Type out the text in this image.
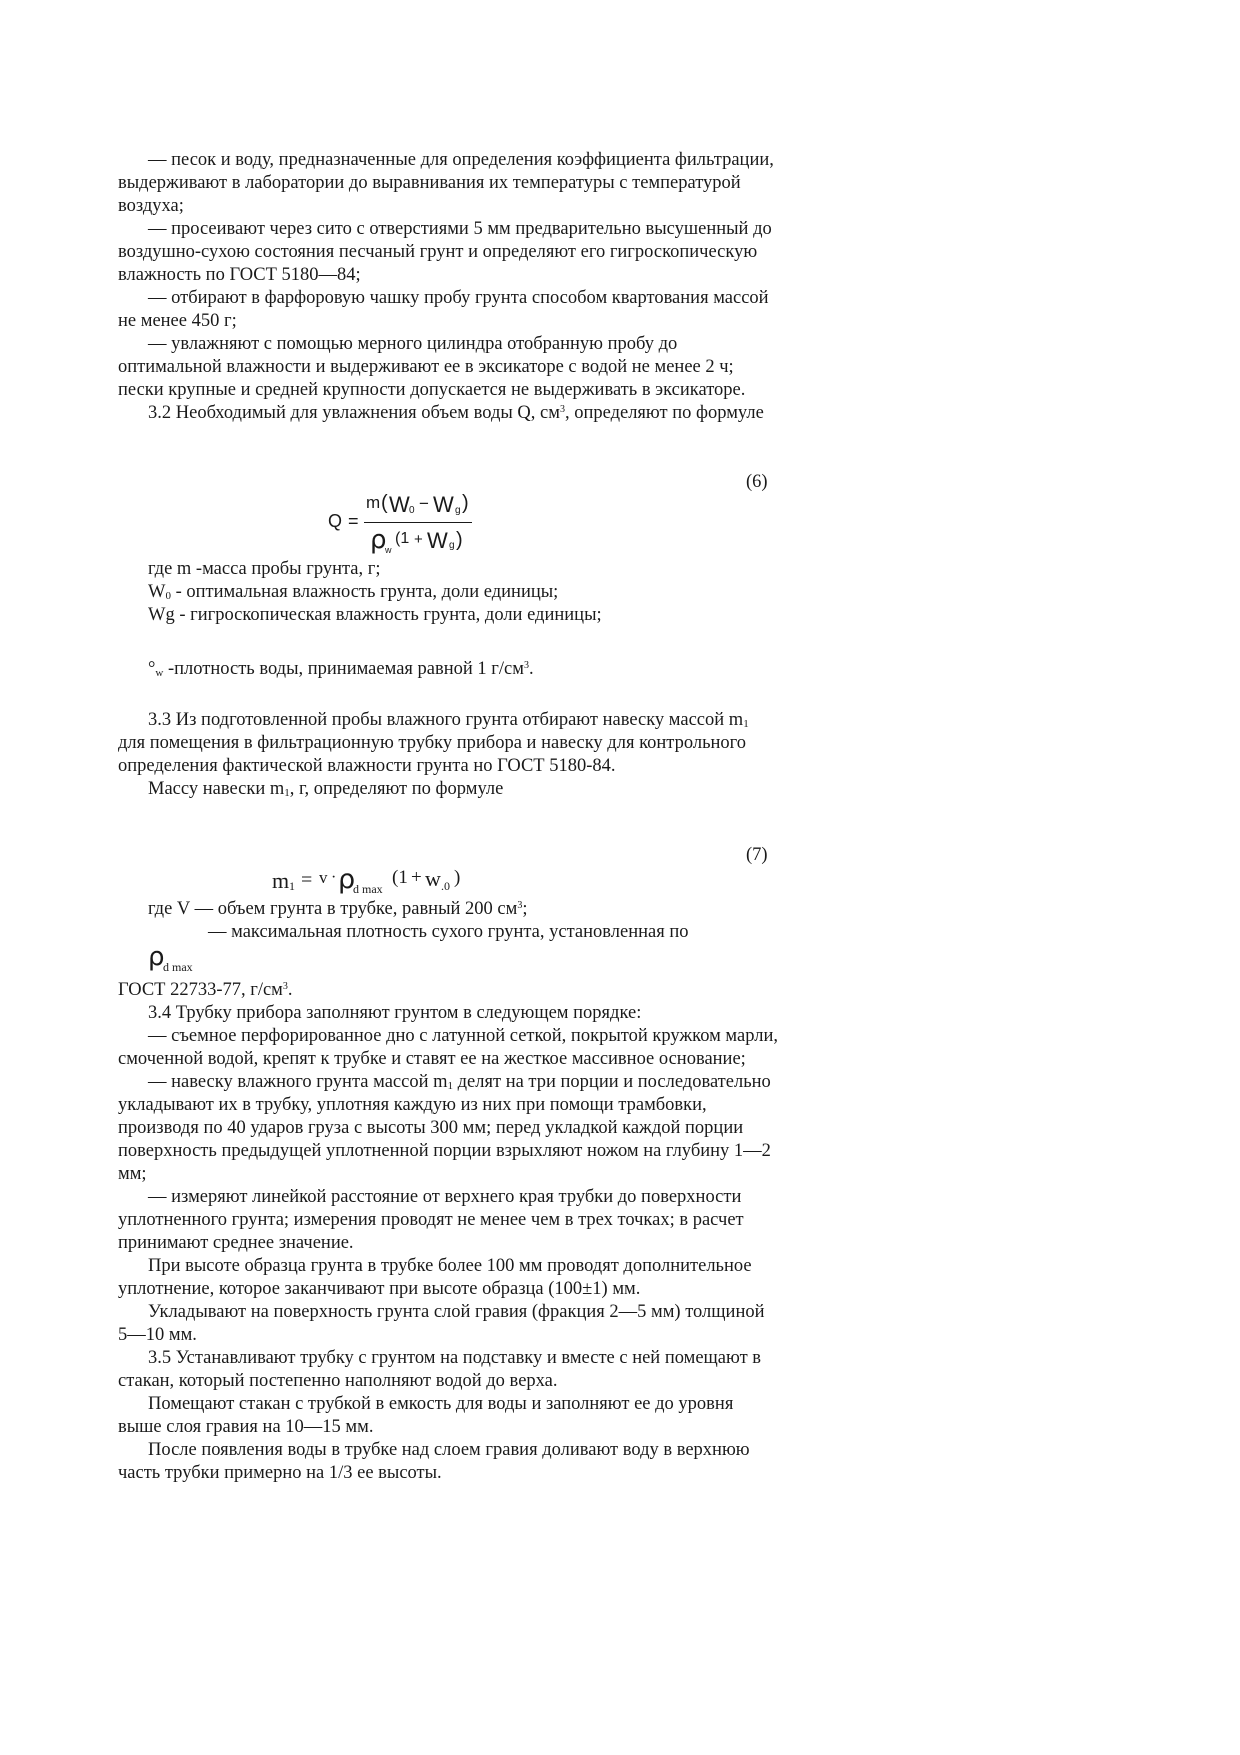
— песок и воду, предназначенные для определения коэффициента фильтрации, выдерживают в лаборатории до выравнивания их температуры с температурой воздуха;

— просеивают через сито с отверстиями 5 мм предварительно высушенный до воздушно-сухою состояния песчаный грунт и определяют его гигроскопическую влажность по ГОСТ 5180—84;

— отбирают в фарфоровую чашку пробу грунта способом квартования массой не менее 450 г;

— увлажняют с помощью мерного цилиндра отобранную пробу до оптимальной влажности и выдерживают ее в эксикаторе с водой не менее 2 ч; пески крупные и средней крупности допускается не выдерживать в эксикаторе.

3.2 Необходимый для увлажнения объем воды Q, $см^3$, определяют по формуле

(6)
Q =
m ( W 0 − W g )
ρ
w
(1 + W g )

где m -масса пробы грунта, г;

$W_0$ - оптимальная влажность грунта, доли единицы;

Wg - гигроскопическая влажность грунта, доли единицы;

$^\circ_w$ -плотность воды, принимаемая равной 1 $г/см^3$.

3.3 Из подготовленной пробы влажного грунта отбирают навеску массой $m_1$ для помещения в фильтрационную трубку прибора и навеску для контрольного определения фактической влажности грунта но ГОСТ 5180-84.

Массу навески $m_1$, г, определяют по формуле

(7)
m 1 = v · ρ
d max
(1 + w .0 )

где V — объем грунта в трубке, равный 200 $см^3$;

— максимальная плотность сухого грунта, установленная по
ρ
d max

ГОСТ 22733-77, $г/см^3$.

3.4 Трубку прибора заполняют грунтом в следующем порядке:

— съемное перфорированное дно с латунной сеткой, покрытой кружком марли, смоченной водой, крепят к трубке и ставят ее на жесткое массивное основание;

— навеску влажного грунта массой $m_1$ делят на три порции и последовательно укладывают их в трубку, уплотняя каждую из них при помощи трамбовки, производя по 40 ударов груза с высоты 300 мм; перед укладкой каждой порции поверхность предыдущей уплотненной порции взрыхляют ножом на глубину 1—2 мм;

— измеряют линейкой расстояние от верхнего края трубки до поверхности уплотненного грунта; измерения проводят не менее чем в трех точках; в расчет принимают среднее значение.

При высоте образца грунта в трубке более 100 мм проводят дополнительное уплотнение, которое заканчивают при высоте образца (100±1) мм.

Укладывают на поверхность грунта слой гравия (фракция 2—5 мм) толщиной 5—10 мм.

3.5 Устанавливают трубку с грунтом на подставку и вместе с ней помещают в стакан, который постепенно наполняют водой до верха.

Помещают стакан с трубкой в емкость для воды и заполняют ее до уровня выше слоя гравия на 10—15 мм.

После появления воды в трубке над слоем гравия доливают воду в верхнюю часть трубки примерно на 1/3 ее высоты.
